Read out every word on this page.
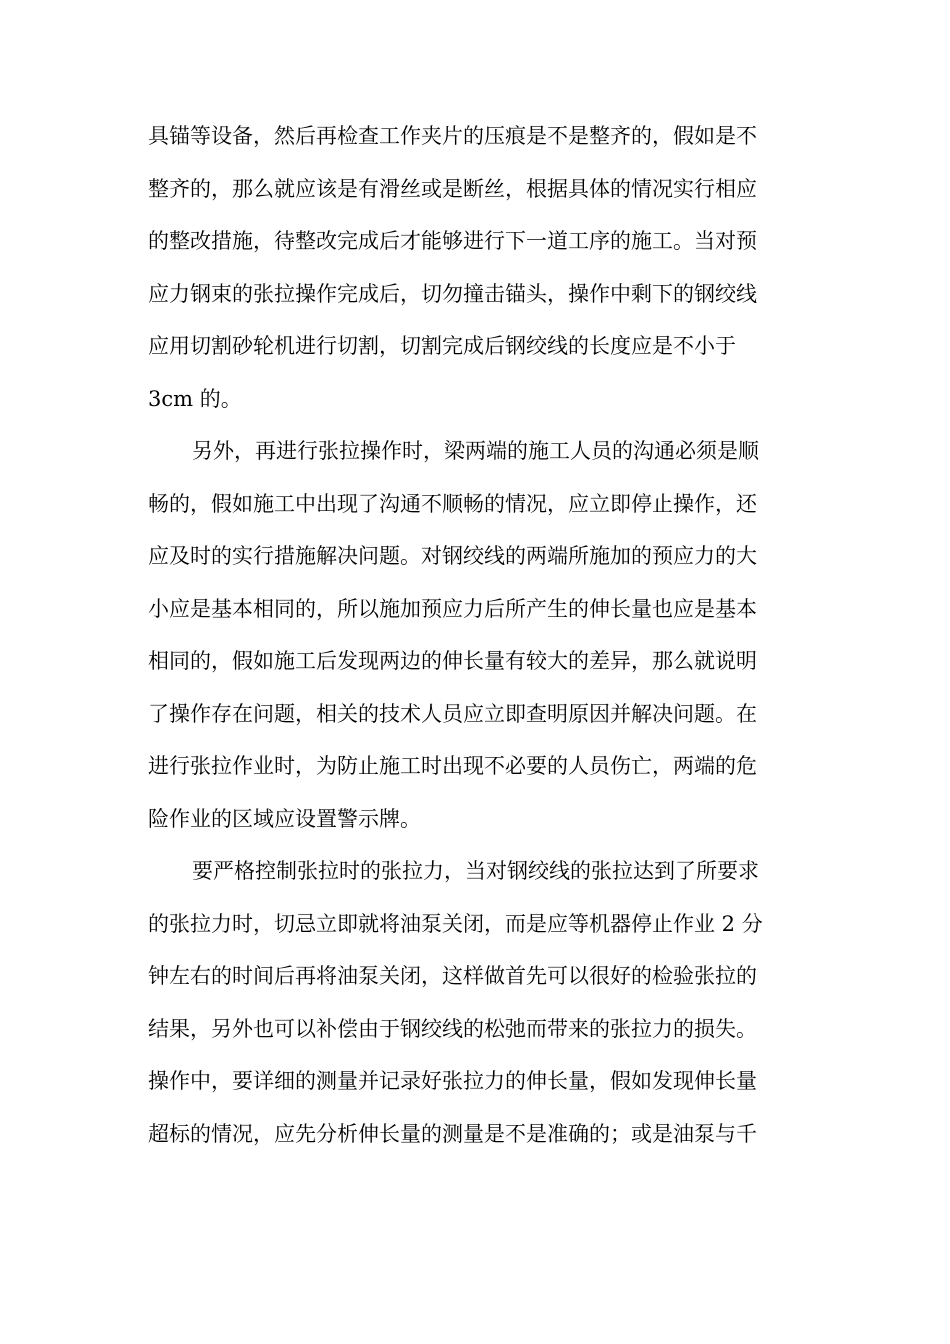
具锚等设备，然后再检查工作夹片的压痕是不是整齐的，假如是不
整齐的，那么就应该是有滑丝或是断丝，根据具体的情况实行相应
的整改措施，待整改完成后才能够进行下一道工序的施工。当对预
应力钢束的张拉操作完成后，切勿撞击锚头，操作中剩下的钢绞线
应用切割砂轮机进行切割，切割完成后钢绞线的长度应是不小于
3cm 的。
另外，再进行张拉操作时，梁两端的施工人员的沟通必须是顺
畅的，假如施工中出现了沟通不顺畅的情况，应立即停止操作，还
应及时的实行措施解决问题。对钢绞线的两端所施加的预应力的大
小应是基本相同的，所以施加预应力后所产生的伸长量也应是基本
相同的，假如施工后发现两边的伸长量有较大的差异，那么就说明
了操作存在问题，相关的技术人员应立即查明原因并解决问题。在
进行张拉作业时，为防止施工时出现不必要的人员伤亡，两端的危
险作业的区域应设置警示牌。
要严格控制张拉时的张拉力，当对钢绞线的张拉达到了所要求
的张拉力时，切忌立即就将油泵关闭，而是应等机器停止作业 2 分
钟左右的时间后再将油泵关闭，这样做首先可以很好的检验张拉的
结果，另外也可以补偿由于钢绞线的松弛而带来的张拉力的损失。
操作中，要详细的测量并记录好张拉力的伸长量，假如发现伸长量
超标的情况，应先分析伸长量的测量是不是准确的；或是油泵与千
